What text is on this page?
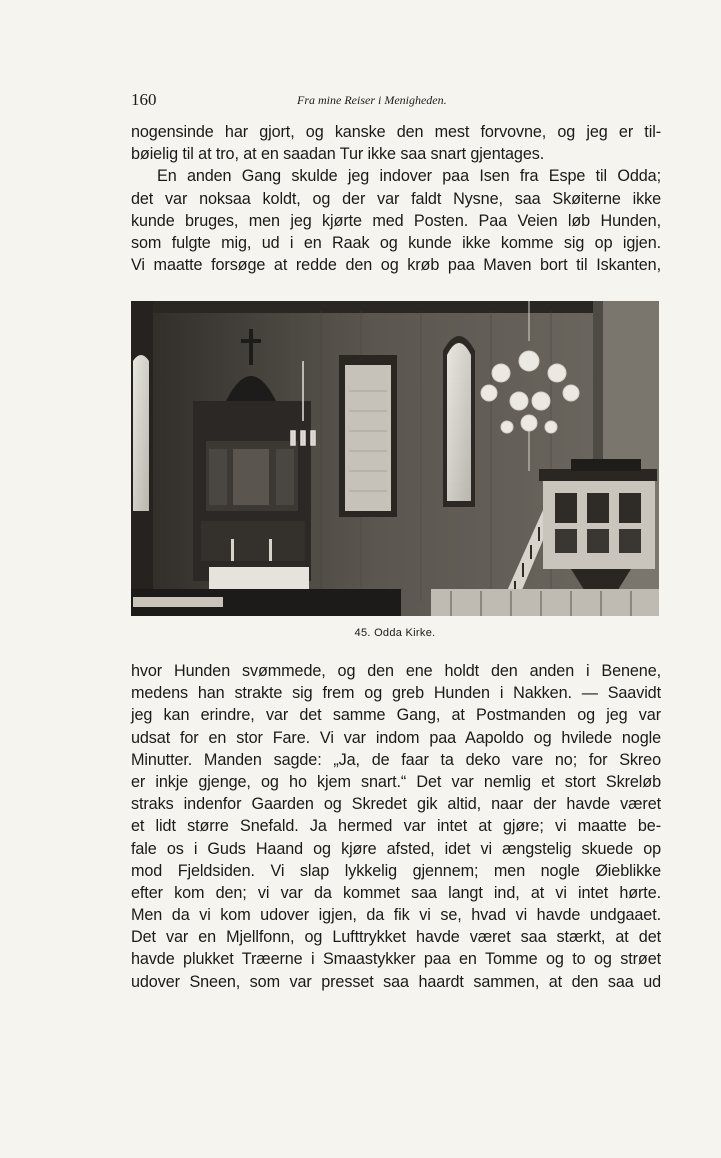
160	Fra mine Reiser i Menigheden.
nogensinde har gjort, og kanske den mest forvovne, og jeg er til-
bøielig til at tro, at en saadan Tur ikke saa snart gjentages.
En anden Gang skulde jeg indover paa Isen fra Espe til Odda;
det var noksaa koldt, og der var faldt Nysne, saa Skøiterne ikke
kunde bruges, men jeg kjørte med Posten. Paa Veien løb Hunden,
som fulgte mig, ud i en Raak og kunde ikke komme sig op igjen.
Vi maatte forsøge at redde den og krøb paa Maven bort til Iskanten,
45. Odda Kirke.
hvor Hunden svømmede, og den ene holdt den anden i Benene,
medens han strakte sig frem og greb Hunden i Nakken. — Saavidt
jeg kan erindre, var det samme Gang, at Postmanden og jeg var
udsat for en stor Fare. Vi var indom paa Aapoldo og hvilede nogle
Minutter. Manden sagde: „Ja, de faar ta deko vare no; for Skreo
er inkje gjenge, og ho kjem snart.“ Det var nemlig et stort Skreløb
straks indenfor Gaarden og Skredet gik altid, naar der havde været
et lidt større Snefald. Ja hermed var intet at gjøre; vi maatte be-
fale os i Guds Haand og kjøre afsted, idet vi ængstelig skuede op
mod Fjeldsiden. Vi slap lykkelig gjennem; men nogle Øieblikke
efter kom den; vi var da kommet saa langt ind, at vi intet hørte.
Men da vi kom udover igjen, da fik vi se, hvad vi havde undgaaet.
Det var en Mjellfonn, og Lufttrykket havde været saa stærkt, at det
havde plukket Træerne i Smaastykker paa en Tomme og to og strøet
udover Sneen, som var presset saa haardt sammen, at den saa ud
